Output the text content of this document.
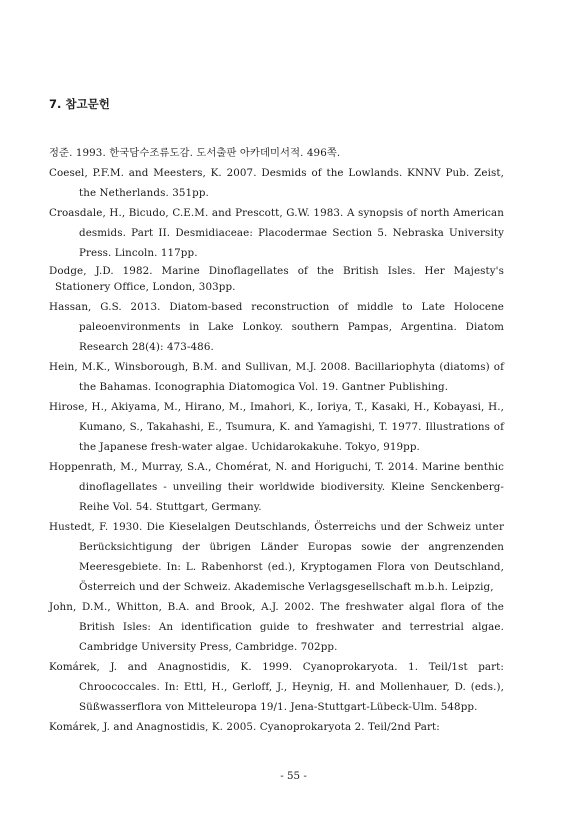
7. 참고문헌

정준. 1993. 한국담수조류도감. 도서출판 아카데미서적. 496쪽.

Coesel, P.F.M. and Meesters, K. 2007. Desmids of the Lowlands. KNNV Pub. Zeist, the Netherlands. 351pp.

Croasdale, H., Bicudo, C.E.M. and Prescott, G.W. 1983. A synopsis of north American desmids. Part II. Desmidiaceae: Placodermae Section 5. Nebraska University Press. Lincoln. 117pp.

Dodge, J.D. 1982. Marine Dinoflagellates of the British Isles. Her Majesty's Stationery Office, London, 303pp.

Hassan, G.S. 2013. Diatom-based reconstruction of middle to Late Holocene paleoenvironments in Lake Lonkoy. southern Pampas, Argentina. Diatom Research 28(4): 473-486.

Hein, M.K., Winsborough, B.M. and Sullivan, M.J. 2008. Bacillariophyta (diatoms) of the Bahamas. Iconographia Diatomogica Vol. 19. Gantner Publishing.

Hirose, H., Akiyama, M., Hirano, M., Imahori, K., Ioriya, T., Kasaki, H., Kobayasi, H., Kumano, S., Takahashi, E., Tsumura, K. and Yamagishi, T. 1977. Illustrations of the Japanese fresh-water algae. Uchidarokakuhe. Tokyo, 919pp.

Hoppenrath, M., Murray, S.A., Chomérat, N. and Horiguchi, T. 2014. Marine benthic dinoflagellates - unveiling their worldwide biodiversity. Kleine Senckenberg-Reihe Vol. 54. Stuttgart, Germany.

Hustedt, F. 1930. Die Kieselalgen Deutschlands, Österreichs und der Schweiz unter Berücksichtigung der übrigen Länder Europas sowie der angrenzenden Meeresgebiete. In: L. Rabenhorst (ed.), Kryptogamen Flora von Deutschland, Österreich und der Schweiz. Akademische Verlagsgesellschaft m.b.h. Leipzig,

John, D.M., Whitton, B.A. and Brook, A.J. 2002. The freshwater algal flora of the British Isles: An identification guide to freshwater and terrestrial algae. Cambridge University Press, Cambridge. 702pp.

Komárek, J. and Anagnostidis, K. 1999. Cyanoprokaryota. 1. Teil/1st part: Chroococcales. In: Ettl, H., Gerloff, J., Heynig, H. and Mollenhauer, D. (eds.), Süßwasserflora von Mitteleuropa 19/1. Jena-Stuttgart-Lübeck-Ulm. 548pp.

Komárek, J. and Anagnostidis, K. 2005. Cyanoprokaryota 2. Teil/2nd Part:

- 55 -
